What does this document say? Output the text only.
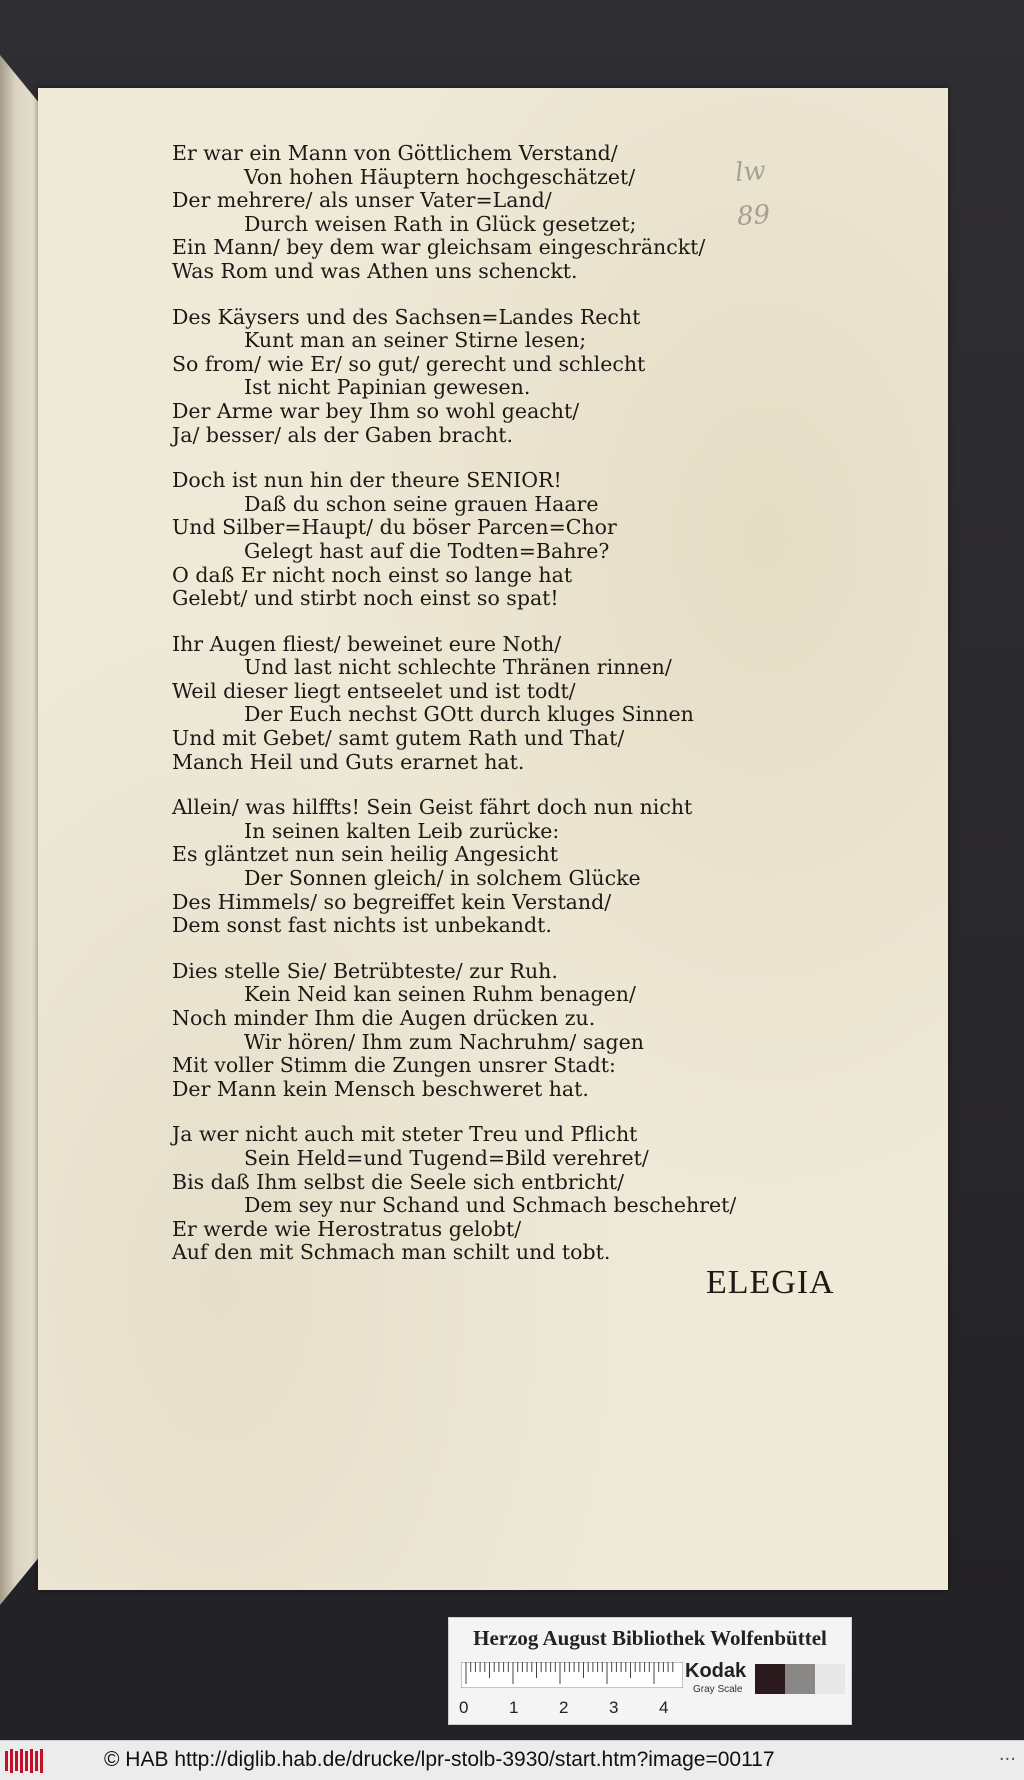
lw
89
Er war ein Mann von Göttlichem Verstand/
Von hohen Häuptern hochgeschätzet/
Der mehrere/ als unser Vater=Land/
Durch weisen Rath in Glück gesetzet;
Ein Mann/ bey dem war gleichsam eingeschränckt/
Was Rom und was Athen uns schenckt.
Des Käysers und des Sachsen=Landes Recht
Kunt man an seiner Stirne lesen;
So from/ wie Er/ so gut/ gerecht und schlecht
Ist nicht Papinian gewesen.
Der Arme war bey Ihm so wohl geacht/
Ja/ besser/ als der Gaben bracht.
Doch ist nun hin der theure SENIOR!
Daß du schon seine grauen Haare
Und Silber=Haupt/ du böser Parcen=Chor
Gelegt hast auf die Todten=Bahre?
O daß Er nicht noch einst so lange hat
Gelebt/ und stirbt noch einst so spat!
Ihr Augen fliest/ beweinet eure Noth/
Und last nicht schlechte Thränen rinnen/
Weil dieser liegt entseelet und ist todt/
Der Euch nechst GOtt durch kluges Sinnen
Und mit Gebet/ samt gutem Rath und That/
Manch Heil und Guts erarnet hat.
Allein/ was hilffts! Sein Geist fährt doch nun nicht
In seinen kalten Leib zurücke:
Es gläntzet nun sein heilig Angesicht
Der Sonnen gleich/ in solchem Glücke
Des Himmels/ so begreiffet kein Verstand/
Dem sonst fast nichts ist unbekandt.
Dies stelle Sie/ Betrübteste/ zur Ruh.
Kein Neid kan seinen Ruhm benagen/
Noch minder Ihm die Augen drücken zu.
Wir hören/ Ihm zum Nachruhm/ sagen
Mit voller Stimm die Zungen unsrer Stadt:
Der Mann kein Mensch beschweret hat.
Ja wer nicht auch mit steter Treu und Pflicht
Sein Held=und Tugend=Bild verehret/
Bis daß Ihm selbst die Seele sich entbricht/
Dem sey nur Schand und Schmach beschehret/
Er werde wie Herostratus gelobt/
Auf den mit Schmach man schilt und tobt.
ELEGIA
Herzog August Bibliothek Wolfenbüttel
0 1 2 3 4
Kodak
Gray Scale
© HAB http://diglib.hab.de/drucke/lpr-stolb-3930/start.htm?image=00117	···
